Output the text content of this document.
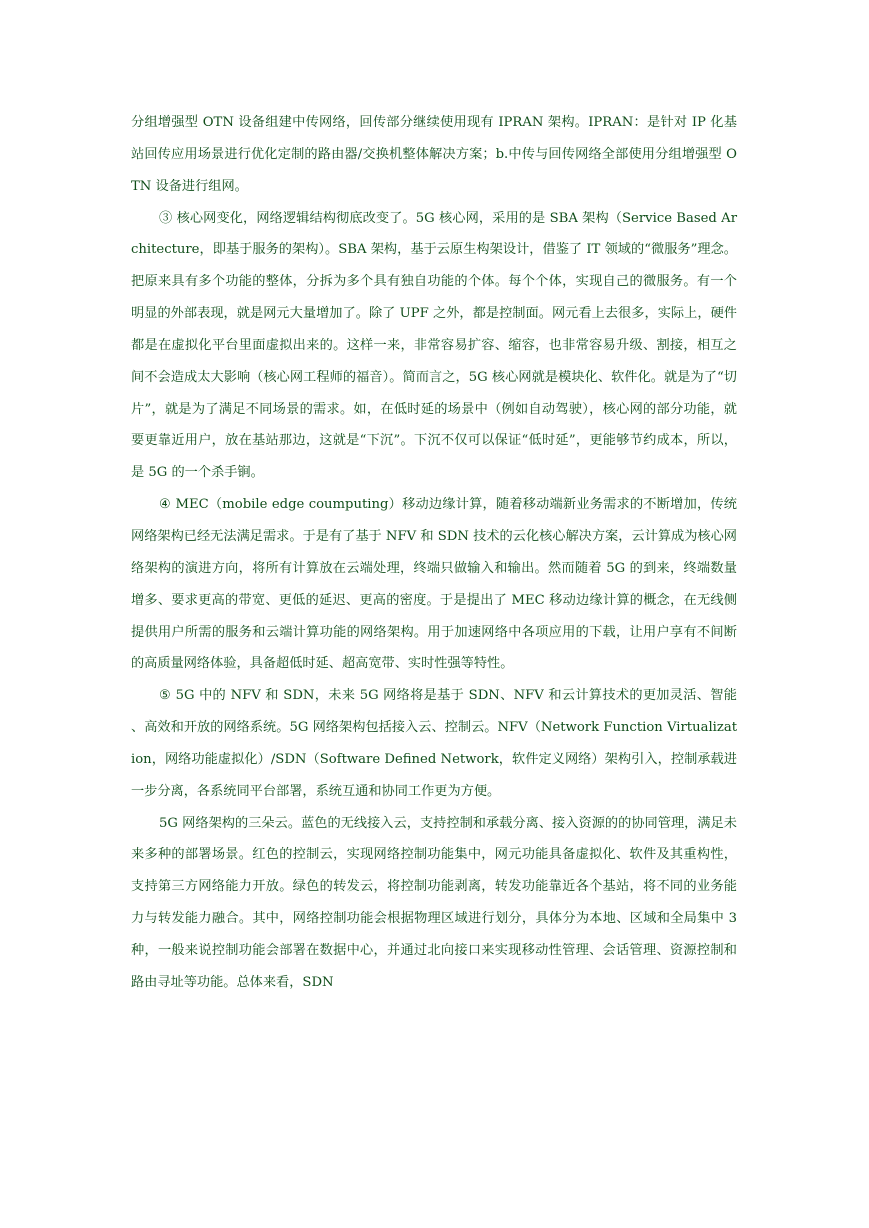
分组增强型 OTN 设备组建中传网络，回传部分继续使用现有 IPRAN 架构。IPRAN：是针对 IP 化基站回传应用场景进行优化定制的路由器/交换机整体解决方案；b.中传与回传网络全部使用分组增强型 OTN 设备进行组网。

③ 核心网变化，网络逻辑结构彻底改变了。5G 核心网，采用的是 SBA 架构（Service Based Architecture，即基于服务的架构）。SBA 架构，基于云原生构架设计，借鉴了 IT 领域的“微服务”理念。把原来具有多个功能的整体，分拆为多个具有独自功能的个体。每个个体，实现自己的微服务。有一个明显的外部表现，就是网元大量增加了。除了 UPF 之外，都是控制面。网元看上去很多，实际上，硬件都是在虚拟化平台里面虚拟出来的。这样一来，非常容易扩容、缩容，也非常容易升级、割接，相互之间不会造成太大影响（核心网工程师的福音）。简而言之，5G 核心网就是模块化、软件化。就是为了“切片”，就是为了满足不同场景的需求。如，在低时延的场景中（例如自动驾驶），核心网的部分功能，就要更靠近用户，放在基站那边，这就是“下沉”。下沉不仅可以保证“低时延”，更能够节约成本，所以，是 5G 的一个杀手锏。

④ MEC（mobile edge coumputing）移动边缘计算，随着移动端新业务需求的不断增加，传统网络架构已经无法满足需求。于是有了基于 NFV 和 SDN 技术的云化核心解决方案，云计算成为核心网络架构的演进方向，将所有计算放在云端处理，终端只做输入和输出。然而随着 5G 的到来，终端数量增多、要求更高的带宽、更低的延迟、更高的密度。于是提出了 MEC 移动边缘计算的概念，在无线侧提供用户所需的服务和云端计算功能的网络架构。用于加速网络中各项应用的下载，让用户享有不间断的高质量网络体验，具备超低时延、超高宽带、实时性强等特性。

⑤ 5G 中的 NFV 和 SDN，未来 5G 网络将是基于 SDN、NFV 和云计算技术的更加灵活、智能、高效和开放的网络系统。5G 网络架构包括接入云、控制云。NFV（Network Function Virtualization，网络功能虚拟化）/SDN（Software Defined Network，软件定义网络）架构引入，控制承载进一步分离，各系统同平台部署，系统互通和协同工作更为方便。

5G 网络架构的三朵云。蓝色的无线接入云，支持控制和承载分离、接入资源的的协同管理，满足未来多种的部署场景。红色的控制云，实现网络控制功能集中，网元功能具备虚拟化、软件及其重构性，支持第三方网络能力开放。绿色的转发云，将控制功能剥离，转发功能靠近各个基站，将不同的业务能力与转发能力融合。其中，网络控制功能会根据物理区域进行划分，具体分为本地、区域和全局集中 3 种，一般来说控制功能会部署在数据中心，并通过北向接口来实现移动性管理、会话管理、资源控制和路由寻址等功能。总体来看，SDN
